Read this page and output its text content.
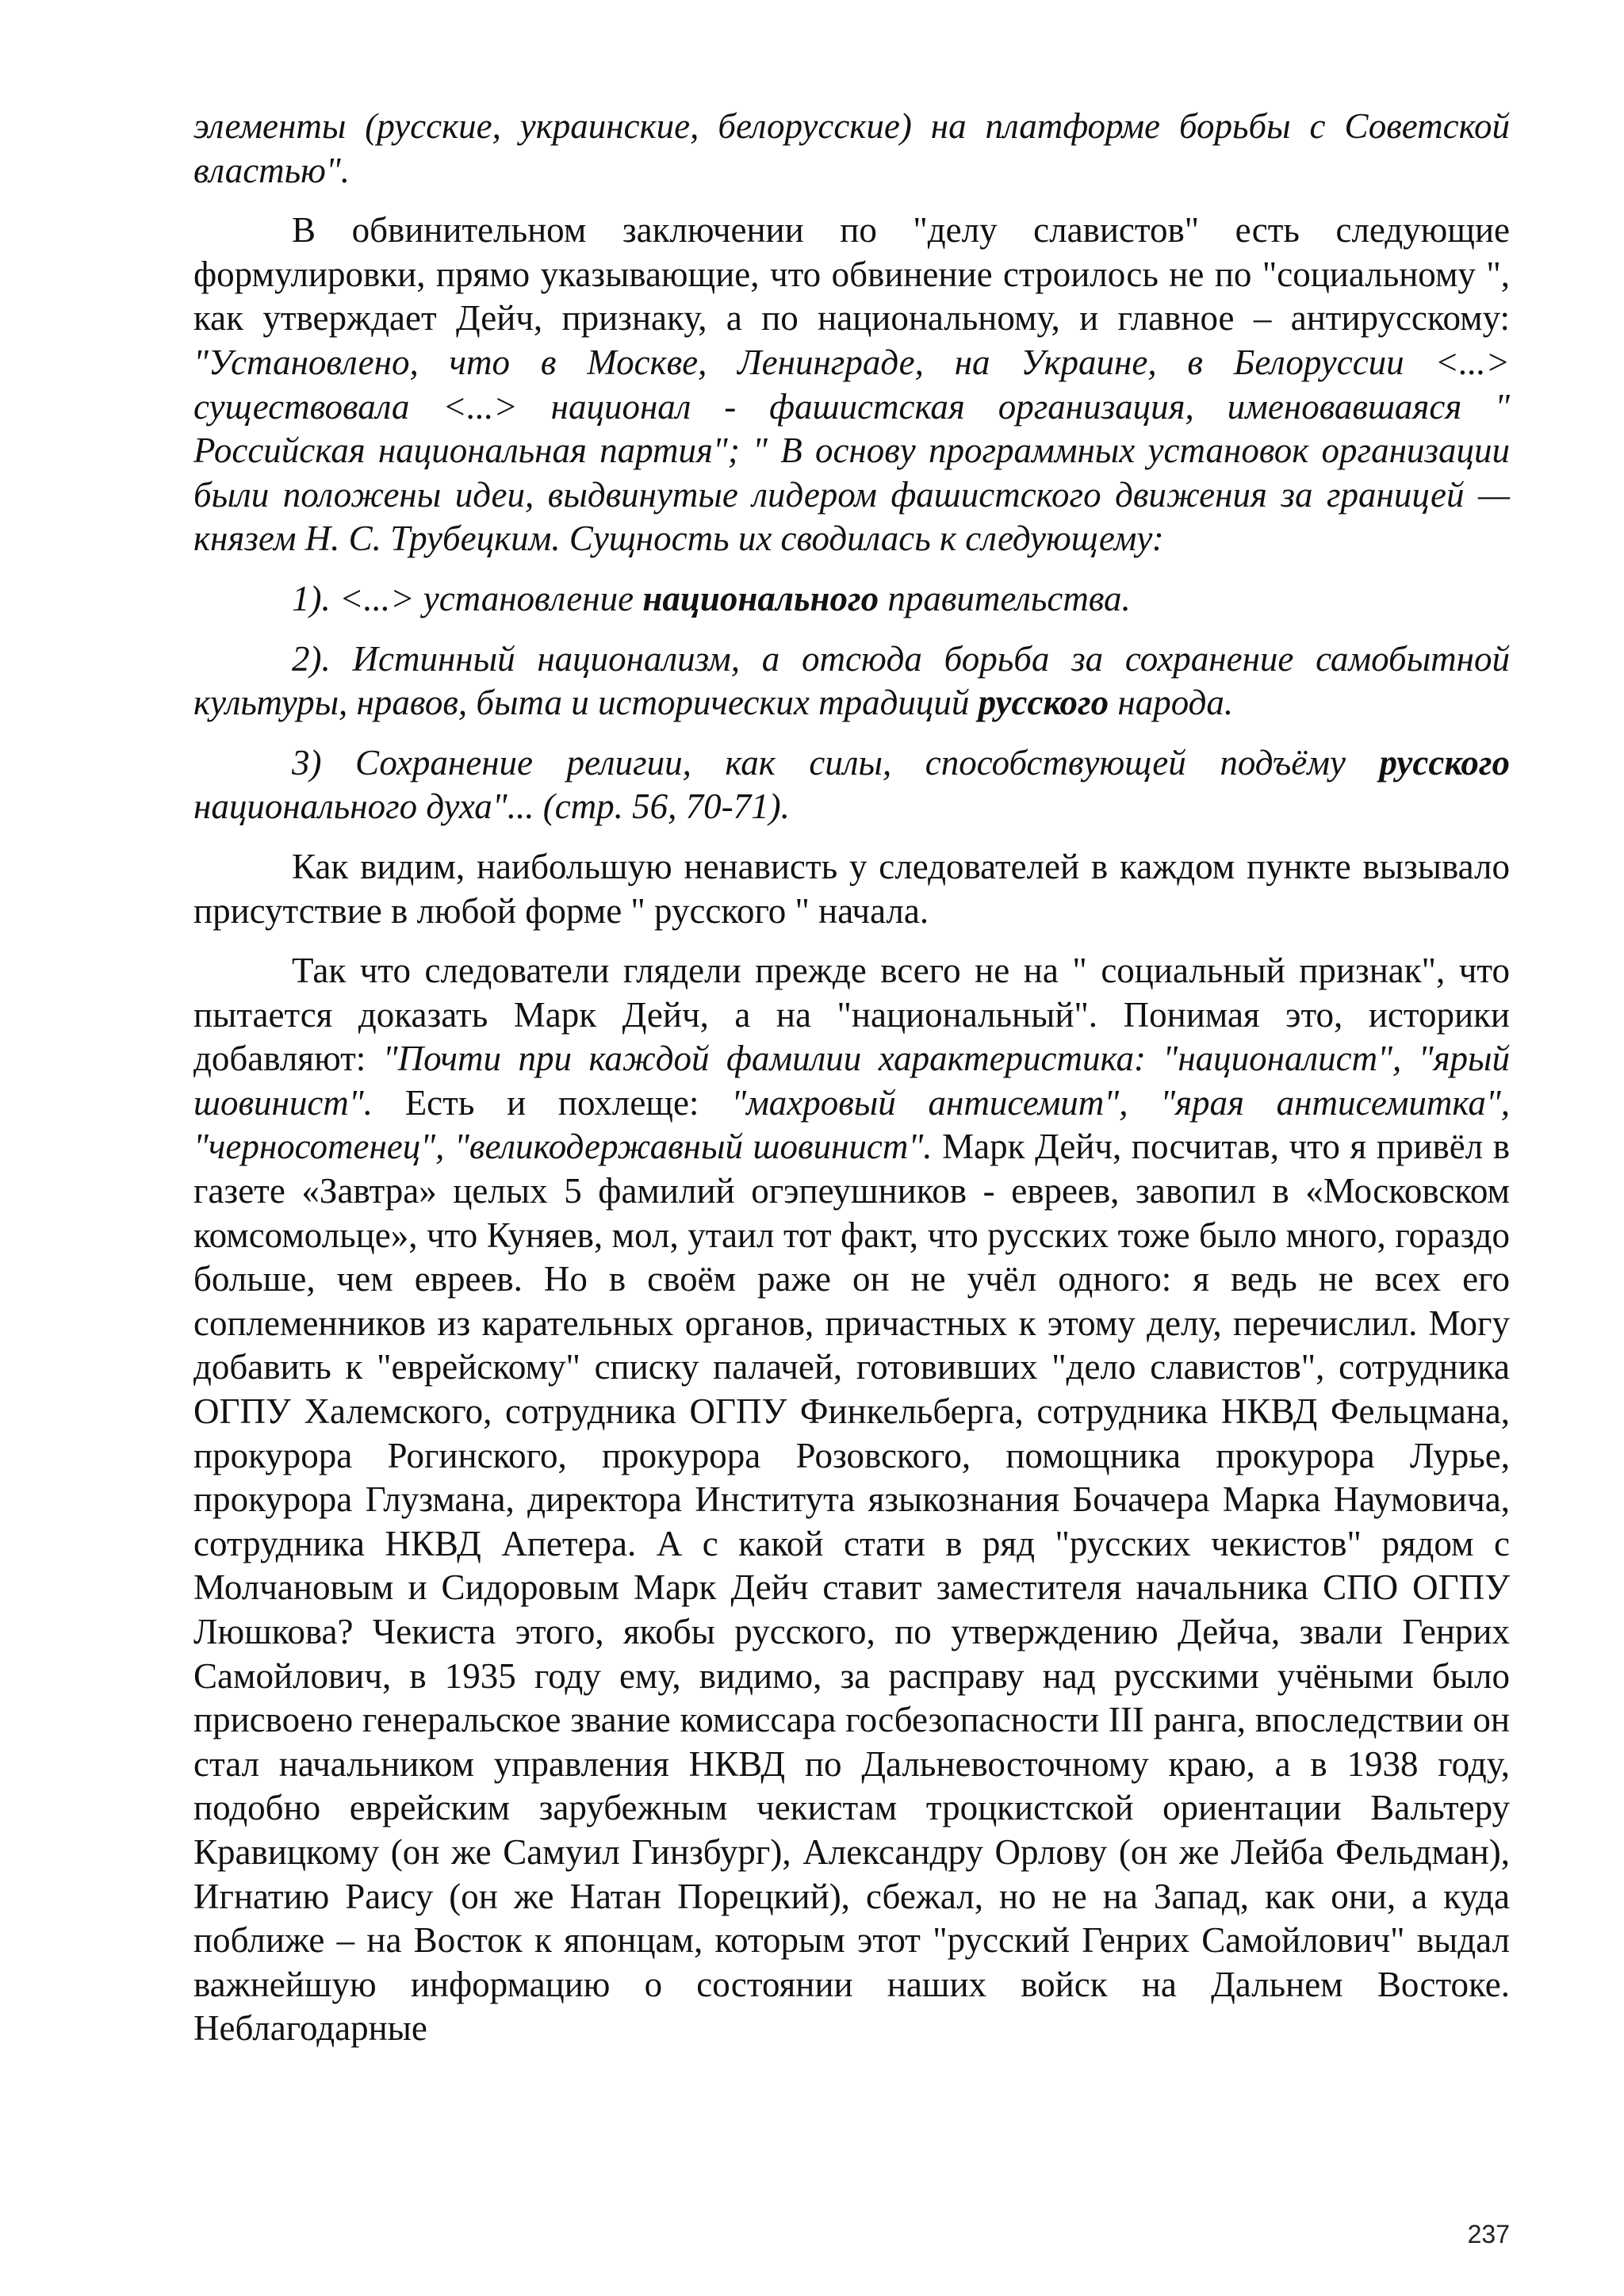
элементы (русские, украинские, белорусские) на платформе борьбы с Советской властью".

В обвинительном заключении по "делу славистов" есть следующие формулировки, прямо указывающие, что обвинение строилось не по "социальному ", как утверждает Дейч, признаку, а по национальному, и главное – антирусскому: "Установлено, что в Москве, Ленинграде, на Украине, в Белоруссии <...> существовала <...> национал - фашистская организация, именовавшаяся " Российская национальная партия"; " В основу программных установок организации были положены идеи, выдвинутые лидером фашистского движения за границей — князем Н. С. Трубецким. Сущность их сводилась к следующему:

1). <...> установление национального правительства.

2). Истинный национализм, а отсюда борьба за сохранение самобытной культуры, нравов, быта и исторических традиций русского народа.

3) Сохранение религии, как силы, способствующей подъёму русского национального духа"... (стр. 56, 70-71).

Как видим, наибольшую ненависть у следователей в каждом пункте вызывало присутствие в любой форме " русского " начала.

Так что следователи глядели прежде всего не на " социальный признак", что пытается доказать Марк Дейч, а на "национальный". Понимая это, историки добавляют: "Почти при каждой фамилии характеристика: "националист", "ярый шовинист". Есть и похлеще: "махровый антисемит", "ярая антисемитка", "черносотенец", "великодержавный шовинист". Марк Дейч, посчитав, что я привёл в газете «Завтра» целых 5 фамилий огэпеушников - евреев, завопил в «Московском комсомольце», что Куняев, мол, утаил тот факт, что русских тоже было много, гораздо больше, чем евреев. Но в своём раже он не учёл одного: я ведь не всех его соплеменников из карательных органов, причастных к этому делу, перечислил. Могу добавить к "еврейскому" списку палачей, готовивших "дело славистов", сотрудника ОГПУ Халемского, сотрудника ОГПУ Финкельберга, сотрудника НКВД Фельцмана, прокурора Рогинского, прокурора Розовского, помощника прокурора Лурье, прокурора Глузмана, директора Института языкознания Бочачера Марка Наумовича, сотрудника НКВД Апетера. А с какой стати в ряд "русских чекистов" рядом с Молчановым и Сидоровым Марк Дейч ставит заместителя начальника СПО ОГПУ Люшкова? Чекиста этого, якобы русского, по утверждению Дейча, звали Генрих Самойлович, в 1935 году ему, видимо, за расправу над русскими учёными было присвоено генеральское звание комиссара госбезопасности III ранга, впоследствии он стал начальником управления НКВД по Дальневосточному краю, а в 1938 году, подобно еврейским зарубежным чекистам троцкистской ориентации Вальтеру Кравицкому (он же Самуил Гинзбург), Александру Орлову (он же Лейба Фельдман), Игнатию Раису (он же Натан Порецкий), сбежал, но не на Запад, как они, а куда поближе – на Восток к японцам, которым этот "русский Генрих Самойлович" выдал важнейшую информацию о состоянии наших войск на Дальнем Востоке. Неблагодарные

237
